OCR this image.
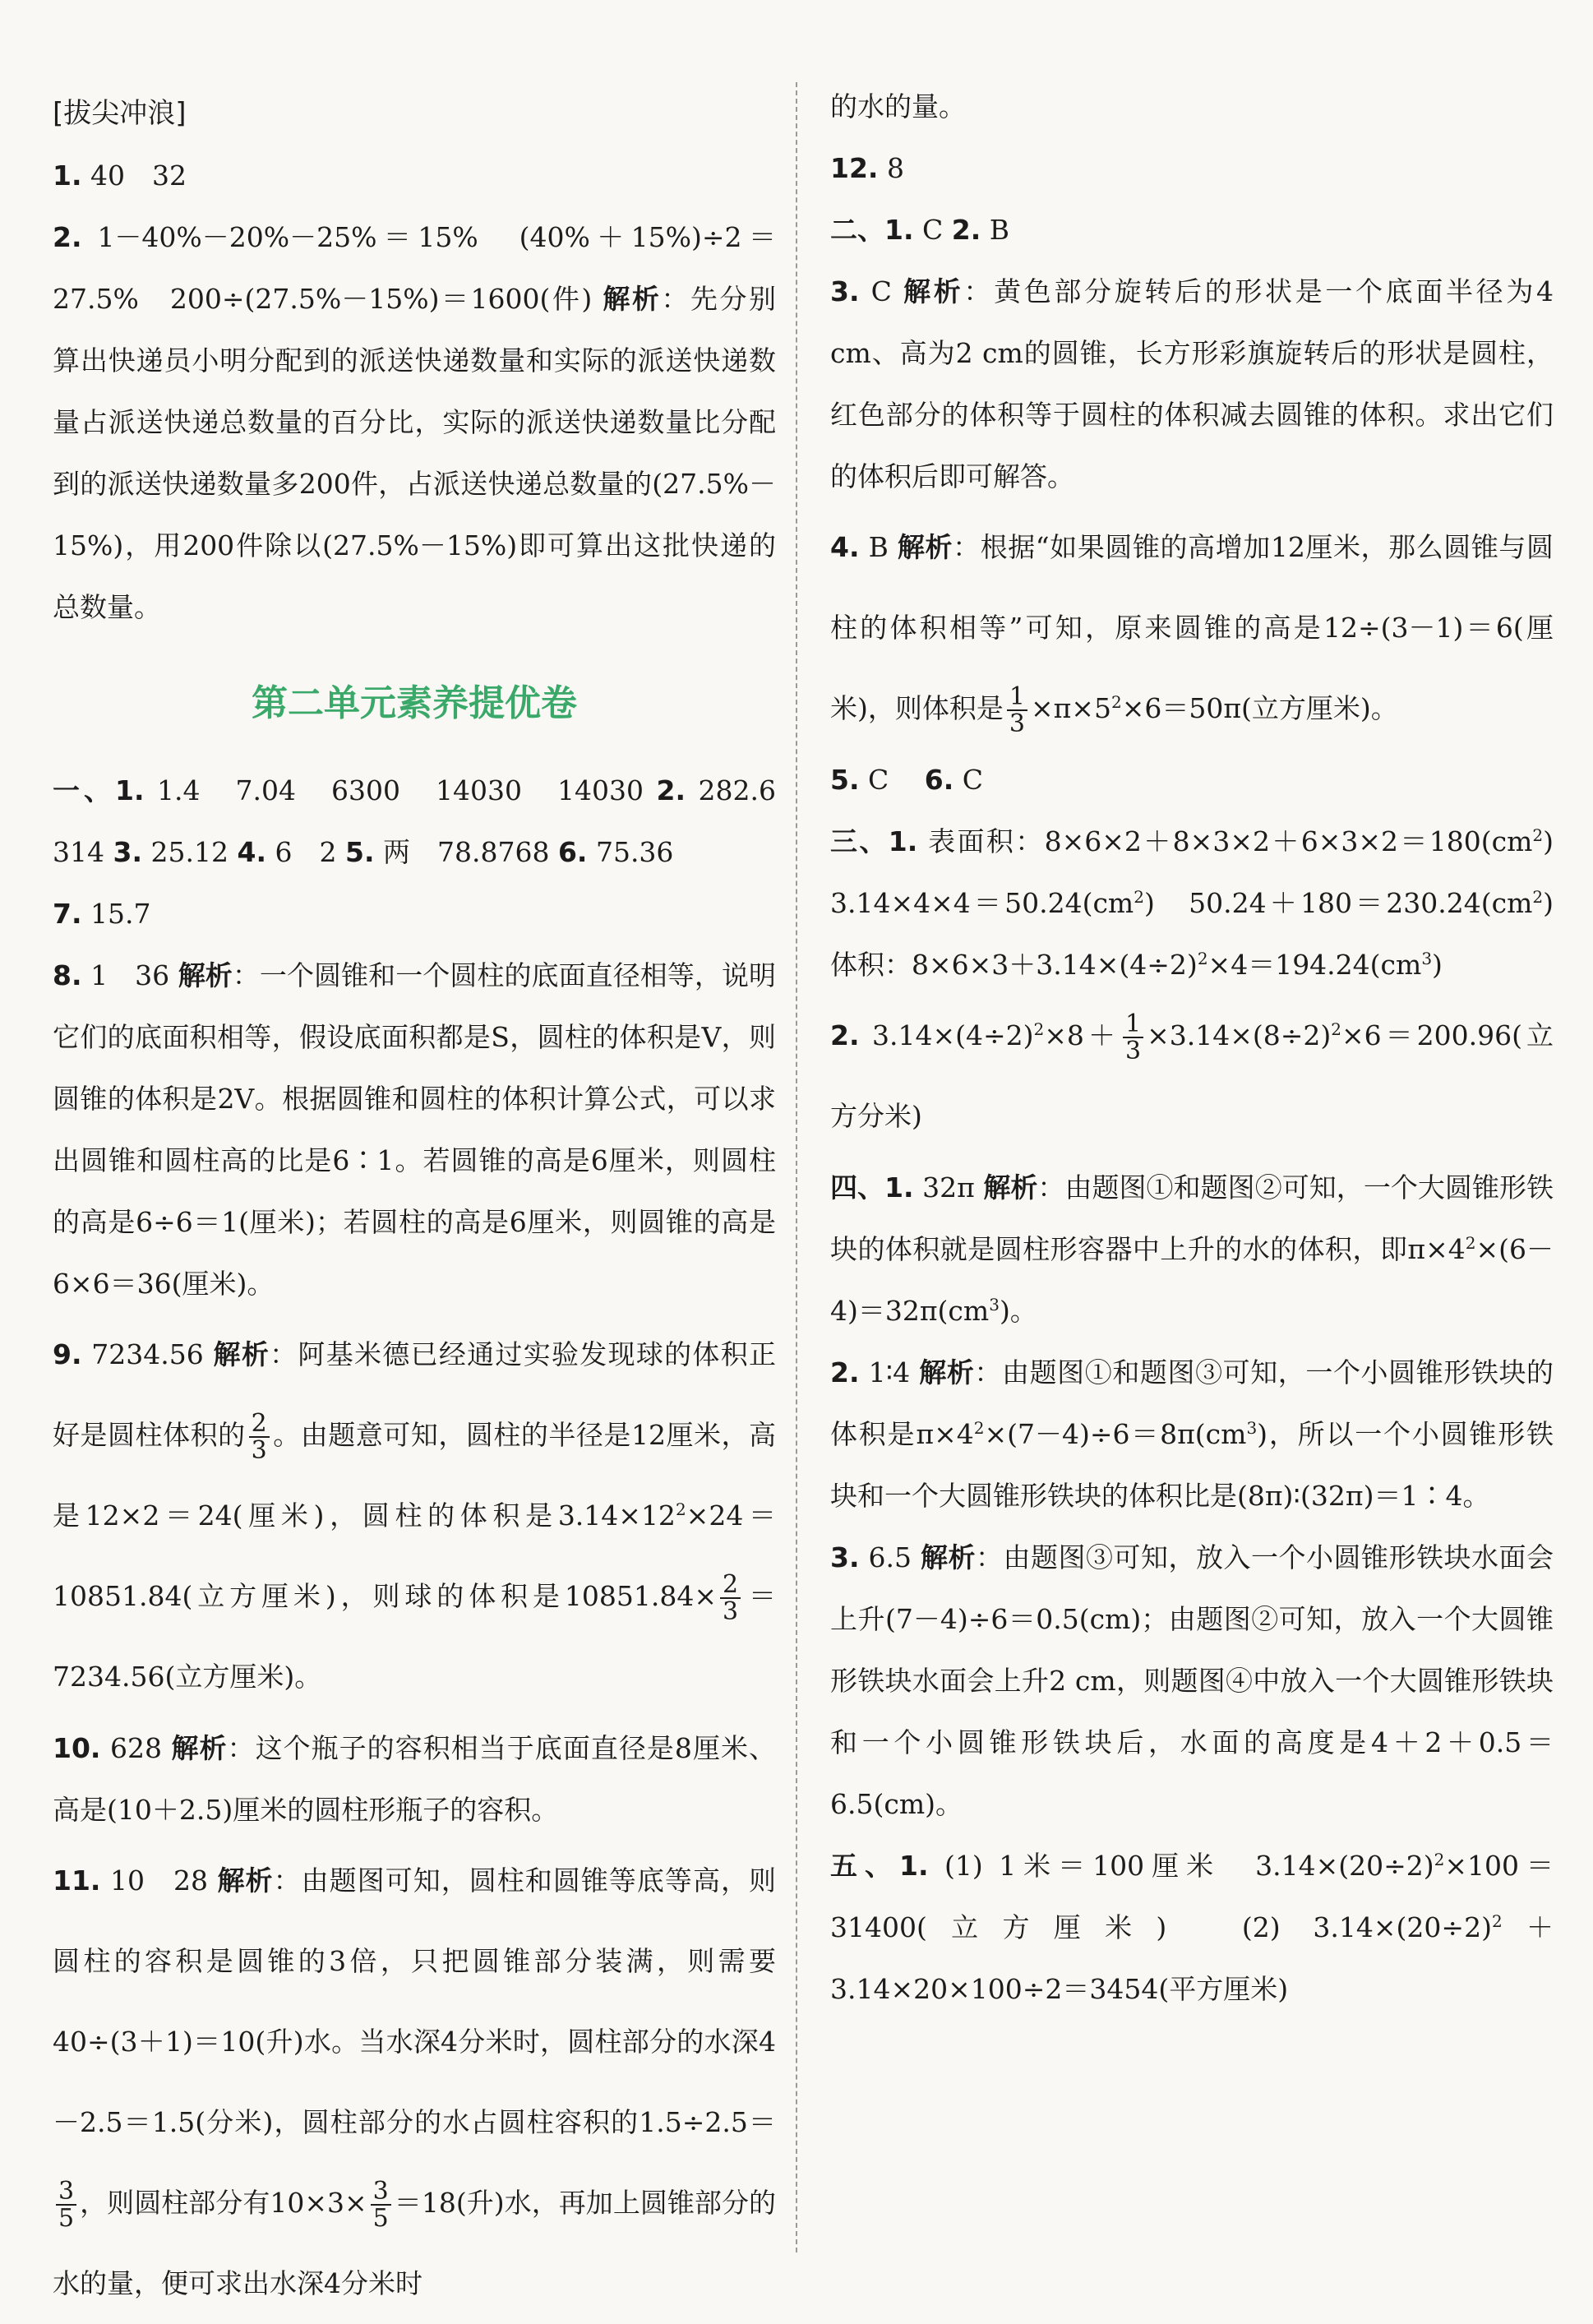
[拔尖冲浪]

1. 40　32

2. 1－40%－20%－25%＝15%　(40%＋15%)÷2＝27.5%　200÷(27.5%－15%)＝1600(件) 解析：先分别算出快递员小明分配到的派送快递数量和实际的派送快递数量占派送快递总数量的百分比，实际的派送快递数量比分配到的派送快递数量多200件，占派送快递总数量的(27.5%－15%)，用200件除以(27.5%－15%)即可算出这批快递的总数量。

第二单元素养提优卷

一、1. 1.4　7.04　6300　14030　14030 2. 282.6　314 3. 25.12 4. 6　2 5. 两　78.8768 6. 75.36

7. 15.7

8. 1　36 解析：一个圆锥和一个圆柱的底面直径相等，说明它们的底面积相等，假设底面积都是S，圆柱的体积是V，则圆锥的体积是2V。根据圆锥和圆柱的体积计算公式，可以求出圆锥和圆柱高的比是6∶1。若圆锥的高是6厘米，则圆柱的高是6÷6＝1(厘米)；若圆柱的高是6厘米，则圆锥的高是6×6＝36(厘米)。

9. 7234.56 解析：阿基米德已经通过实验发现球的体积正好是圆柱体积的 $\frac{2}{3}$ 。由题意可知，圆柱的半径是12厘米，高是12×2＝24(厘米)，圆柱的体积是$3.14\times 12^2\times 24=10851.84$(立方厘米)，则球的体积是$10851.84\times \frac{2}{3} =7234.56$(立方厘米)。

10. 628 解析：这个瓶子的容积相当于底面直径是8厘米、高是(10＋2.5)厘米的圆柱形瓶子的容积。

11. 10　28 解析：由题图可知，圆柱和圆锥等底等高，则圆柱的容积是圆锥的3倍，只把圆锥部分装满，则需要40÷(3＋1)＝10(升)水。当水深4分米时，圆柱部分的水深4－2.5＝1.5(分米)，圆柱部分的水占圆柱容积的1.5÷2.5＝
$\frac{3}{5}$ ，则圆柱部分有$10\times 3\times \frac{3}{5} =18$(升)水，再加上圆锥部分的水的量，便可求出水深4分米时

的水的量。

12. 8

二、1. C 2. B

3. C 解析：黄色部分旋转后的形状是一个底面半径为4 cm、高为2 cm的圆锥，长方形彩旗旋转后的形状是圆柱，红色部分的体积等于圆柱的体积减去圆锥的体积。求出它们的体积后即可解答。

4. B 解析：根据“如果圆锥的高增加12厘米，那么圆锥与圆柱的体积相等”可知，原来圆锥的高是12÷(3－1)＝6(厘米)，则体积是 $\frac{1}{3} \times\pi\times 5^2\times 6=50\pi$(立方厘米)。

5. C　 6. C

三、1. 表面积：$8\times 6\times 2+8\times 3\times 2+6\times 3\times 2=180(cm^2)$　$3.14\times 4\times 4=50.24(cm^2)$　$50.24+180=230.24(cm^2)$　体积：$8\times 6\times 3+3.14\times(4\div 2)^2\times 4=194.24(cm^3)$

2. $3.14\times(4\div 2)^2\times 8+ \frac{1}{3} \times 3.14\times(8\div 2)^2\times 6=200.96$(立方分米)

四、1. 32π 解析：由题图①和题图②可知，一个大圆锥形铁块的体积就是圆柱形容器中上升的水的体积，即$\pi\times 4^2\times(6-4)=32\pi(cm^3)$。

2. 1∶4 解析：由题图①和题图③可知，一个小圆锥形铁块的体积是$\pi\times 4^2\times(7-4)\div 6=8\pi(cm^3)$，所以一个小圆锥形铁块和一个大圆锥形铁块的体积比是(8π)∶(32π)＝1∶4。

3. 6.5 解析：由题图③可知，放入一个小圆锥形铁块水面会上升(7－4)÷6＝0.5(cm)；由题图②可知，放入一个大圆锥形铁块水面会上升2 cm，则题图④中放入一个大圆锥形铁块和一个小圆锥形铁块后，水面的高度是4＋2＋0.5＝6.5(cm)。

五、1. (1) 1米＝100厘米　$3.14\times(20\div 2)^2\times 100=31400$(立方厘米)　(2) $3.14\times(20\div 2)^2+3.14\times 20\times 100\div 2=3454$(平方厘米)
